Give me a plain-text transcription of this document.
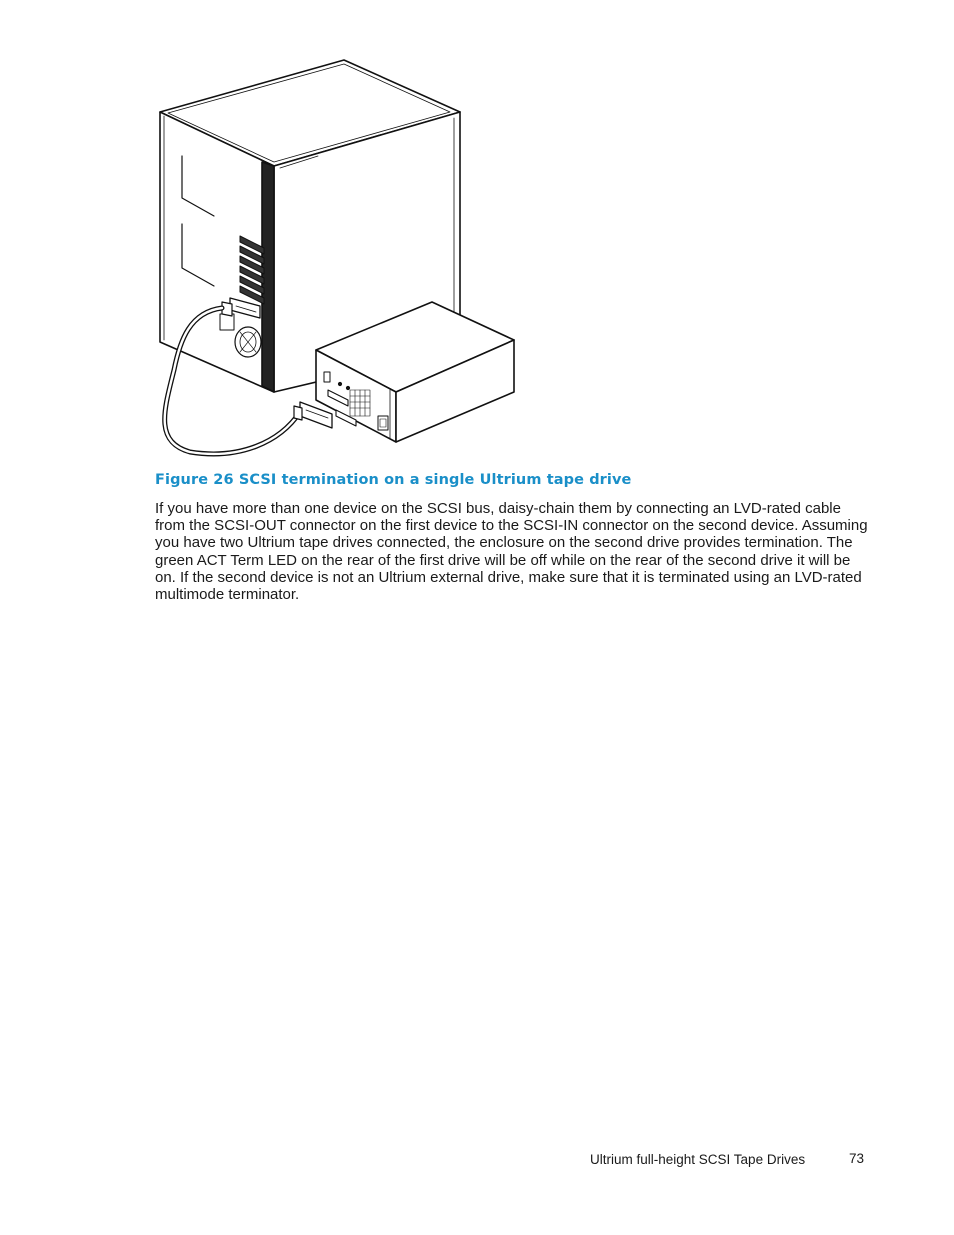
Figure 26 SCSI termination on a single Ultrium tape drive

If you have more than one device on the SCSI bus, daisy-chain them by connecting an LVD-rated cable from the SCSI-OUT connector on the first device to the SCSI-IN connector on the second device. Assuming you have two Ultrium tape drives connected, the enclosure on the second drive provides termination. The green ACT Term LED on the rear of the first drive will be off while on the rear of the second drive it will be on. If the second device is not an Ultrium external drive, make sure that it is terminated using an LVD-rated multimode terminator.

Ultrium full-height SCSI Tape Drives	73
